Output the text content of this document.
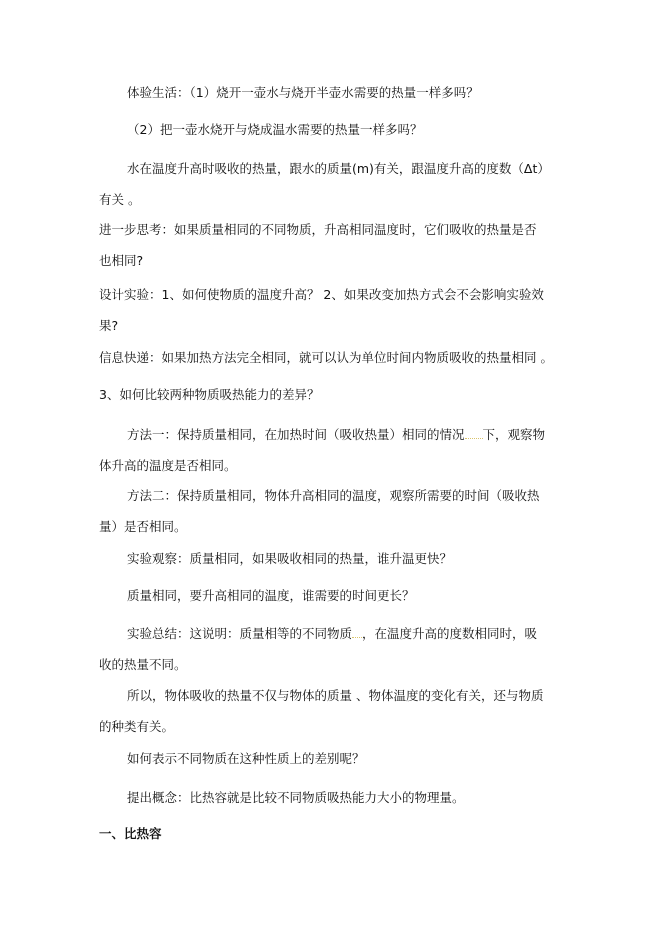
体验生活：（1）烧开一壶水与烧开半壶水需要的热量一样多吗？
（2）把一壶水烧开与烧成温水需要的热量一样多吗？
水在温度升高时吸收的热量，跟水的质量(m)有关，跟温度升高的度数（Δt）
有关 。
进一步思考：如果质量相同的不同物质，升高相同温度时，它们吸收的热量是否
也相同?
设计实验：1、如何使物质的温度升高？ 2、如果改变加热方式会不会影响实验效
果?
信息快递：如果加热方法完全相同，就可以认为单位时间内物质吸收的热量相同 。
3、如何比较两种物质吸热能力的差异？
方法一：保持质量相同，在加热时间（吸收热量）相同的情况 下，观察物
体升高的温度是否相同。
方法二：保持质量相同，物体升高相同的温度，观察所需要的时间（吸收热
量）是否相同。
实验观察：质量相同，如果吸收相同的热量，谁升温更快？
质量相同，要升高相同的温度，谁需要的时间更长？
实验总结：这说明：质量相等的不同物质 ，在温度升高的度数相同时，吸
收的热量不同。
所以，物体吸收的热量不仅与物体的质量 、物体温度的变化有关，还与物质
的种类有关。
如何表示不同物质在这种性质上的差别呢？
提出概念：比热容就是比较不同物质吸热能力大小的物理量。
一、比热容
